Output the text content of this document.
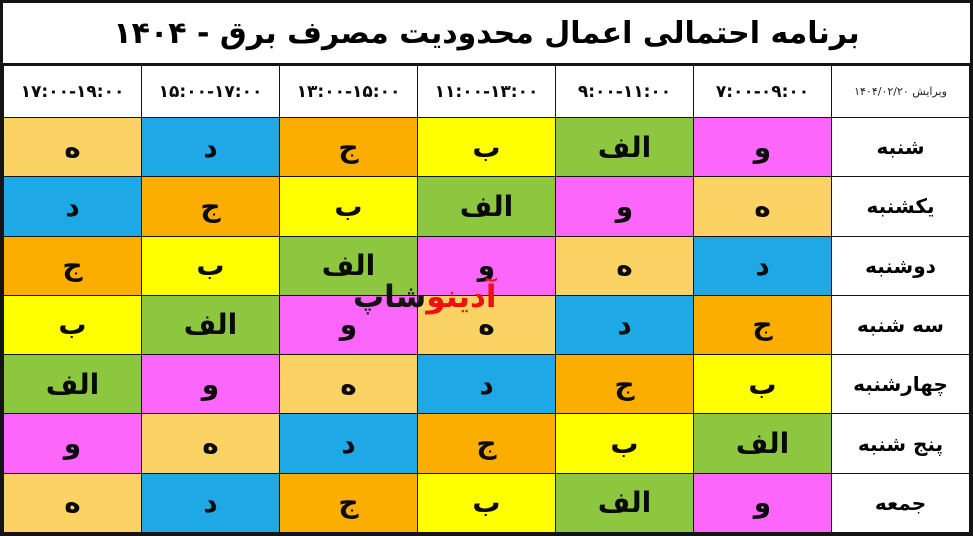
برنامه احتمالی اعمال محدودیت مصرف برق - ۱۴۰۴
ویرایش ۱۴۰۴/۰۲/۲۰	۷:۰۰-۰۹:۰۰	۹:۰۰-۱۱:۰۰	۱۱:۰۰-۱۳:۰۰	۱۳:۰۰-۱۵:۰۰	۱۵:۰۰-۱۷:۰۰	۱۷:۰۰-۱۹:۰۰
شنبه	و	الف	ب	ج	د	ه
یکشنبه	ه	و	الف	ب	ج	د
دوشنبه	د	ه	و	الف	ب	ج
سه شنبه	ج	د	ه	و	الف	ب
چهارشنبه	ب	ج	د	ه	و	الف
پنج شنبه	الف	ب	ج	د	ه	و
جمعه	و	الف	ب	ج	د	ه
آدینوشاپ
